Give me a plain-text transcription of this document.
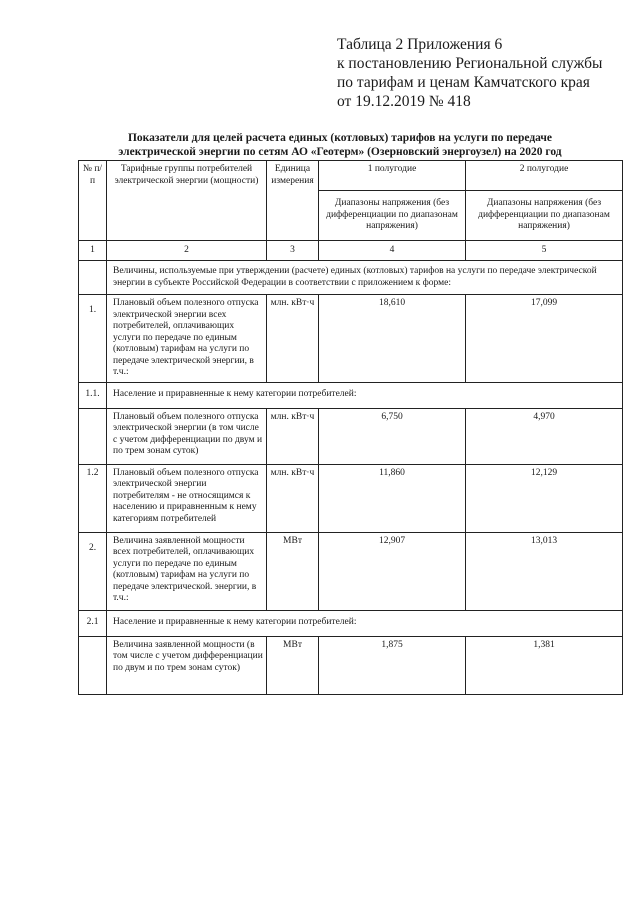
Таблица 2 Приложения 6
к постановлению Региональной службы
по тарифам и ценам Камчатского края
от 19.12.2019 № 418
Показатели для целей расчета единых (котловых) тарифов на услуги по передаче
электрической энергии по сетям АО «Геотерм» (Озерновский энергоузел) на 2020 год
№ п/п	Тарифные группы потребителей электрической энергии (мощности)	Единица измерения	1 полугодие	2 полугодие
			Диапазоны напряжения (без дифференциации по диапазонам напряжения)	Диапазоны напряжения (без дифференциации по диапазонам напряжения)
1	2	3	4	5
	Величины, используемые при утверждении (расчете) единых (котловых) тарифов на услуги по передаче электрической энергии в субъекте Российской Федерации в соответствии с приложением к форме:			
1.	Плановый объем полезного отпуска электрической энергии всех потребителей, оплачивающих услуги по передаче по единым (котловым) тарифам на услуги по передаче электрической энергии, в т.ч.:	млн. кВт·ч	18,610	17,099
1.1.	Население и приравненные к нему категории потребителей:			
	Плановый объем полезного отпуска электрической энергии (в том числе с учетом дифференциации по двум и по трем зонам суток)	млн. кВт·ч	6,750	4,970
1.2	Плановый объем полезного отпуска электрической энергии потребителям - не относящимся к населению и приравненным к нему категориям потребителей	млн. кВт·ч	11,860	12,129
2.	Величина заявленной мощности всех потребителей, оплачивающих услуги по передаче по единым (котловым) тарифам на услуги по передаче электрической. энергии, в т.ч.:	МВт	12,907	13,013
2.1	Население и приравненные к нему категории потребителей:			
	Величина заявленной мощности (в том числе с учетом дифференциации по двум и по трем зонам суток)	МВт	1,875	1,381
